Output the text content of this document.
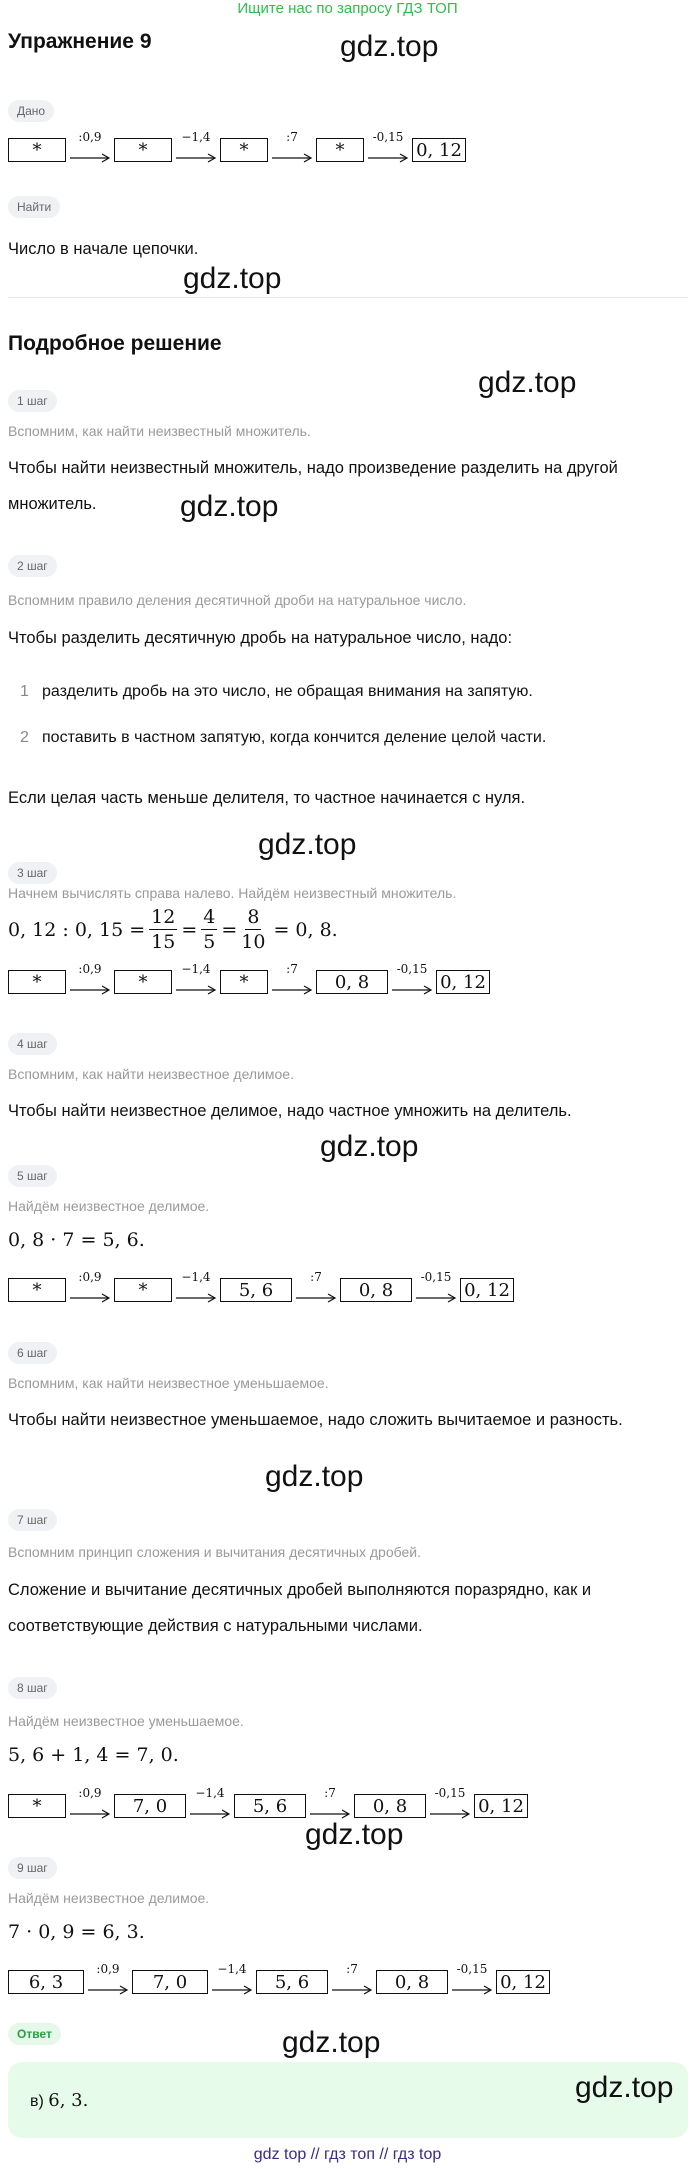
Ищите нас по запросу ГДЗ ТОП
Упражнение 9	gdz.top
Дано
*
:0,9
*
−1,4
*
:7
*
-0,15
0, 12
Найти
Число в начале цепочки.
gdz.top
Подробное решение
gdz.top
1 шаг
Вспомним, как найти неизвестный множитель.
Чтобы найти неизвестный множитель, надо произведение разделить на другой множитель.	gdz.top
2 шаг
Вспомним правило деления десятичной дроби на натуральное число.
Чтобы разделить десятичную дробь на натуральное число, надо:
1 разделить дробь на это число, не обращая внимания на запятую.
2 поставить в частном запятую, когда кончится деление целой части.
Если целая часть меньше делителя, то частное начинается с нуля.
gdz.top
3 шаг
Начнем вычислять справа налево. Найдём неизвестный множитель.
0, 12 : 0, $15 = \frac{12}{15} = \frac{4}{5} = \frac{8}{10} = 0$, 8.
*
:0,9
*
−1,4
*
:7
0, 8
-0,15
0, 12
4 шаг
Вспомним, как найти неизвестное делимое.
Чтобы найти неизвестное делимое, надо частное умножить на делитель.
gdz.top
5 шаг
Найдём неизвестное делимое.
0, 8 · 7 = 5, 6.
*
:0,9
*
−1,4
5, 6
:7
0, 8
-0,15
0, 12
6 шаг
Вспомним, как найти неизвестное уменьшаемое.
Чтобы найти неизвестное уменьшаемое, надо сложить вычитаемое и разность.
gdz.top
7 шаг
Вспомним принцип сложения и вычитания десятичных дробей.
Сложение и вычитание десятичных дробей выполняются поразрядно, как и соответствующие действия с натуральными числами.
8 шаг
Найдём неизвестное уменьшаемое.
5, 6 + 1, 4 = 7, 0.
*
:0,9
7, 0
−1,4
5, 6
:7
0, 8
-0,15
0, 12
gdz.top
9 шаг
Найдём неизвестное делимое.
7 · 0, 9 = 6, 3.
6, 3
:0,9
7, 0
−1,4
5, 6
:7
0, 8
-0,15
0, 12
Ответ	gdz.top
в) 6, 3.	gdz.top
gdz top // гдз топ // гдз top
